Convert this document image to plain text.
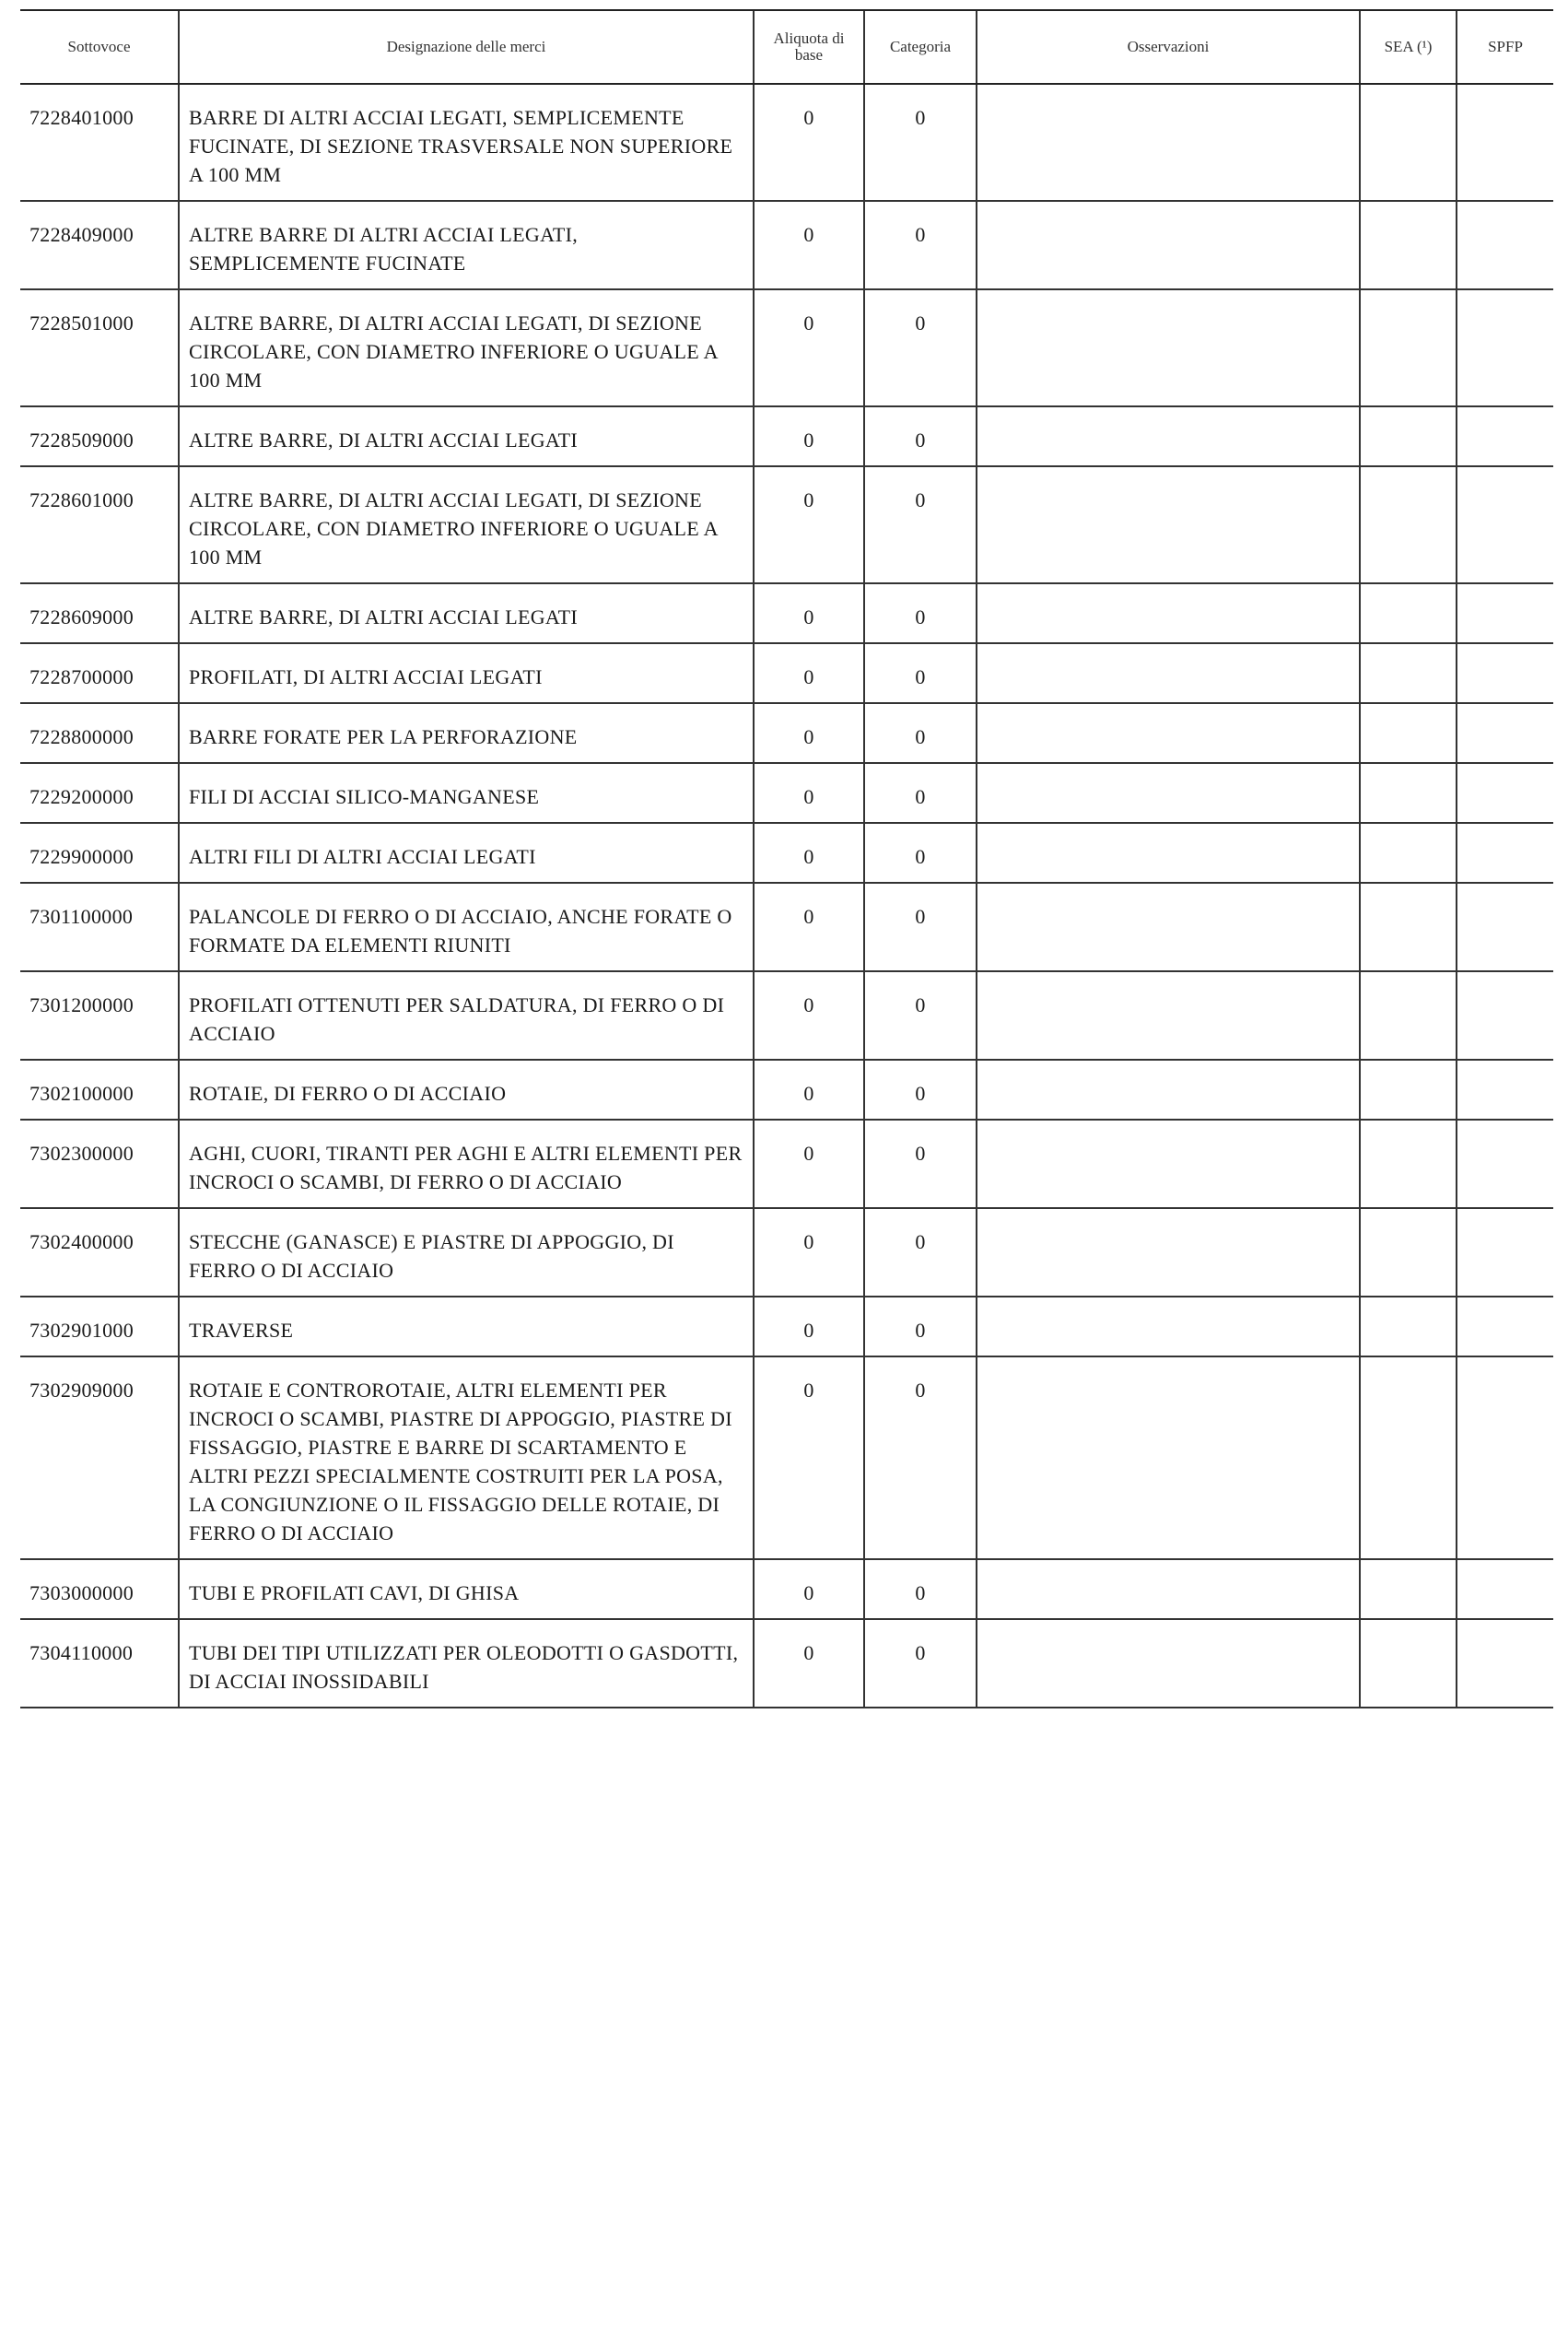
Sottovoce	Designazione delle merci	Aliquota di base	Categoria	Osservazioni	SEA (¹)	SPFP
7228401000	BARRE DI ALTRI ACCIAI LEGATI, SEMPLICEMENTE FUCINATE, DI SEZIONE TRASVERSALE NON SUPERIORE A 100 MM	0	0			
7228409000	ALTRE BARRE DI ALTRI ACCIAI LEGATI, SEMPLICEMENTE FUCINATE	0	0			
7228501000	ALTRE BARRE, DI ALTRI ACCIAI LEGATI, DI SEZIONE CIRCOLARE, CON DIAMETRO INFERIORE O UGUALE A 100 MM	0	0			
7228509000	ALTRE BARRE, DI ALTRI ACCIAI LEGATI	0	0			
7228601000	ALTRE BARRE, DI ALTRI ACCIAI LEGATI, DI SEZIONE CIRCOLARE, CON DIAMETRO INFERIORE O UGUALE A 100 MM	0	0			
7228609000	ALTRE BARRE, DI ALTRI ACCIAI LEGATI	0	0			
7228700000	PROFILATI, DI ALTRI ACCIAI LEGATI	0	0			
7228800000	BARRE FORATE PER LA PERFORAZIONE	0	0			
7229200000	FILI DI ACCIAI SILICO-MANGANESE	0	0			
7229900000	ALTRI FILI DI ALTRI ACCIAI LEGATI	0	0			
7301100000	PALANCOLE DI FERRO O DI ACCIAIO, ANCHE FORATE O FORMATE DA ELEMENTI RIUNITI	0	0			
7301200000	PROFILATI OTTENUTI PER SALDATURA, DI FERRO O DI ACCIAIO	0	0			
7302100000	ROTAIE, DI FERRO O DI ACCIAIO	0	0			
7302300000	AGHI, CUORI, TIRANTI PER AGHI E ALTRI ELEMENTI PER INCROCI O SCAMBI, DI FERRO O DI ACCIAIO	0	0			
7302400000	STECCHE (GANASCE) E PIASTRE DI APPOGGIO, DI FERRO O DI ACCIAIO	0	0			
7302901000	TRAVERSE	0	0			
7302909000	ROTAIE E CONTROROTAIE, ALTRI ELEMENTI PER INCROCI O SCAMBI, PIASTRE DI APPOGGIO, PIASTRE DI FISSAGGIO, PIASTRE E BARRE DI SCARTAMENTO E ALTRI PEZZI SPECIALMENTE COSTRUITI PER LA POSA, LA CONGIUNZIONE O IL FISSAGGIO DELLE ROTAIE, DI FERRO O DI ACCIAIO	0	0			
7303000000	TUBI E PROFILATI CAVI, DI GHISA	0	0			
7304110000	TUBI DEI TIPI UTILIZZATI PER OLEODOTTI O GASDOTTI, DI ACCIAI INOSSIDABILI	0	0			
